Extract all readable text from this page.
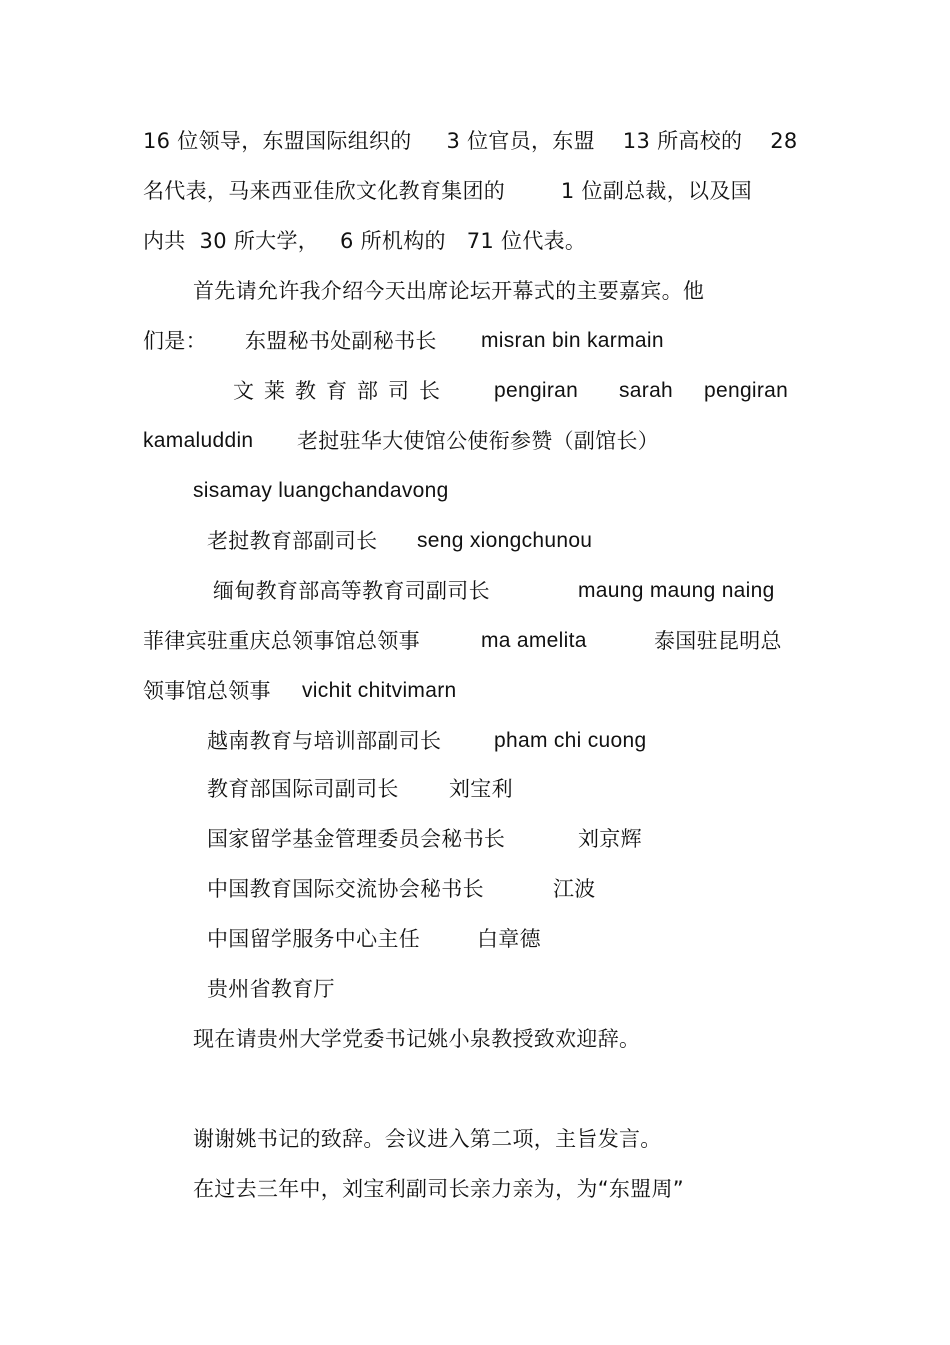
16 位领导，东盟国际组织的     3 位官员，东盟    13 所高校的    28
名代表，马来西亚佳欣文化教育集团的        1 位副总裁，以及国
内共  30 所大学，   6 所机构的   71 位代表。
首先请允许我介绍今天出席论坛开幕式的主要嘉宾。他
们是： 东盟秘书处副秘书长 misran bin karmain
文莱教育部司长 pengiran sarah pengiran
kamaluddin 老挝驻华大使馆公使衔参赞（副馆长）
sisamay luangchandavong
老挝教育部副司长 seng xiongchunou
缅甸教育部高等教育司副司长	maung maung naing
菲律宾驻重庆总领事馆总领事	ma amelita	泰国驻昆明总
领事馆总领事 vichit chitvimarn
越南教育与培训部副司长	pham chi cuong
教育部国际司副司长 刘宝利
国家留学基金管理委员会秘书长	刘京辉
中国教育国际交流协会秘书长	江波
中国留学服务中心主任	白章德
贵州省教育厅
现在请贵州大学党委书记姚小泉教授致欢迎辞。
谢谢姚书记的致辞。会议进入第二项，主旨发言。
在过去三年中，刘宝利副司长亲力亲为，为“东盟周”
